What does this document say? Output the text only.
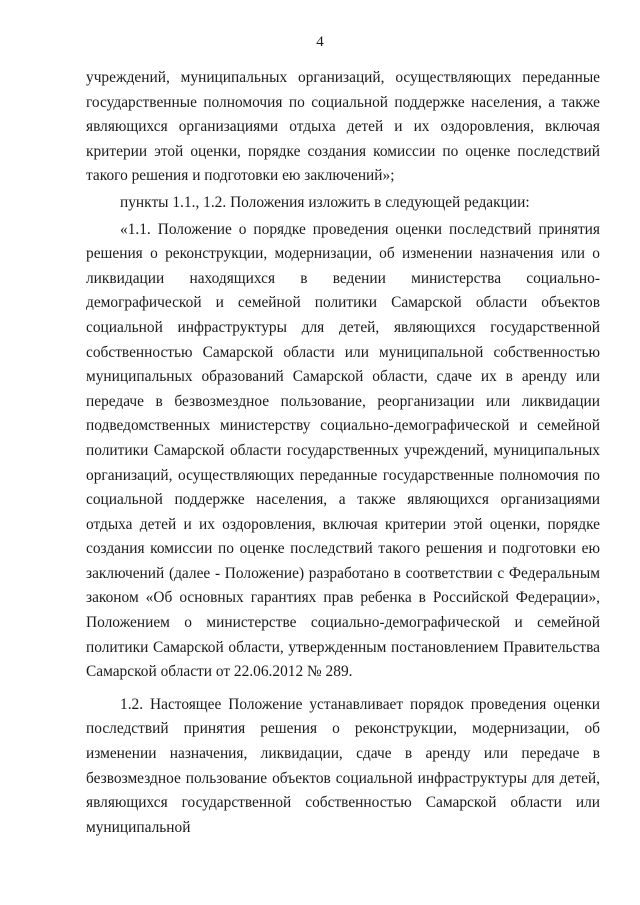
4

учреждений, муниципальных организаций, осуществляющих переданные государственные полномочия по социальной поддержке населения, а также являющихся организациями отдыха детей и их оздоровления, включая критерии этой оценки, порядке создания комиссии по оценке последствий такого решения и подготовки ею заключений»;

пункты 1.1., 1.2. Положения изложить в следующей редакции:

«1.1. Положение о порядке проведения оценки последствий принятия решения о реконструкции, модернизации, об изменении назначения или о ликвидации находящихся в ведении министерства социально-демографической и семейной политики Самарской области объектов социальной инфраструктуры для детей, являющихся государственной собственностью Самарской области или муниципальной собственностью муниципальных образований Самарской области, сдаче их в аренду или передаче в безвозмездное пользование, реорганизации или ликвидации подведомственных министерству социально-демографической и семейной политики Самарской области государственных учреждений, муниципальных организаций, осуществляющих переданные государственные полномочия по социальной поддержке населения, а также являющихся организациями отдыха детей и их оздоровления, включая критерии этой оценки, порядке создания комиссии по оценке последствий такого решения и подготовки ею заключений (далее - Положение) разработано в соответствии с Федеральным законом «Об основных гарантиях прав ребенка в Российской Федерации», Положением о министерстве социально-демографической и семейной политики Самарской области, утвержденным постановлением Правительства Самарской области от 22.06.2012 № 289.

1.2. Настоящее Положение устанавливает порядок проведения оценки последствий принятия решения о реконструкции, модернизации, об изменении назначения, ликвидации, сдаче в аренду или передаче в безвозмездное пользование объектов социальной инфраструктуры для детей, являющихся государственной собственностью Самарской области или муниципальной
